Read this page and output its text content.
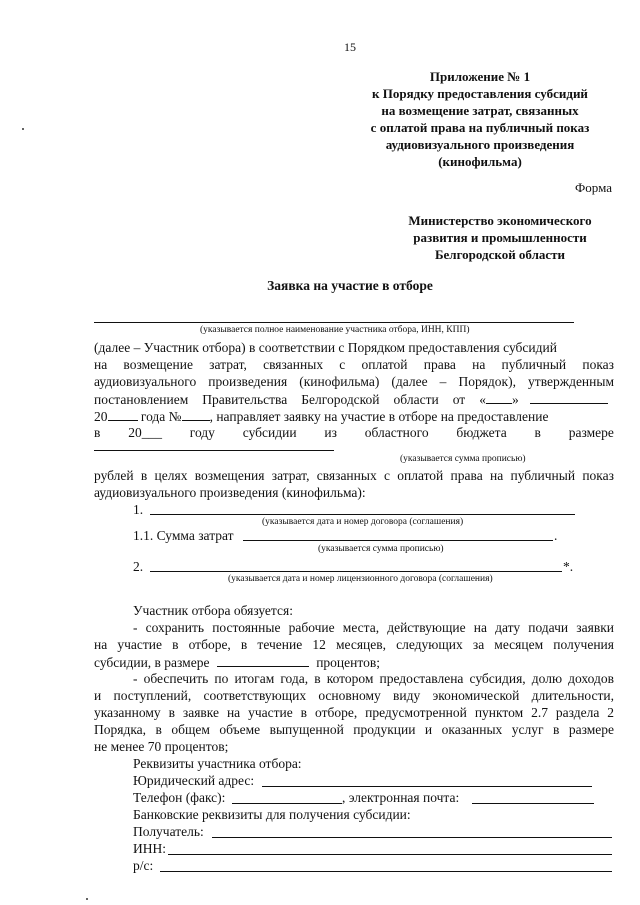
15
Приложение № 1
к Порядку предоставления субсидий
на возмещение затрат, связанных
с оплатой права на публичный показ
аудиовизуального произведения
(кинофильма)
Форма
Министерство экономического
развития и промышленности
Белгородской области
Заявка на участие в отборе
(указывается полное наименование участника отбора, ИНН, КПП)
(далее – Участник отбора) в соответствии с Порядком предоставления субсидий
на возмещение затрат, связанных с оплатой права на публичный показ
аудиовизуального произведения (кинофильма) (далее – Порядок), утвержденным
постановлением Правительства Белгородской области от « »
20 года № , направляет заявку на участие в отборе на предоставление
в 20___ году субсидии из областного бюджета в размере
(указывается сумма прописью)
рублей в целях возмещения затрат, связанных с оплатой права на публичный показ
аудиовизуального произведения (кинофильма):
1.
(указывается дата и номер договора (соглашения)
1.1. Сумма затрат	.
(указывается сумма прописью)
2.	*.
(указывается дата и номер лицензионного договора (соглашения)
Участник отбора обязуется:
- сохранить постоянные рабочие места, действующие на дату подачи заявки
на участие в отборе, в течение 12 месяцев, следующих за месяцем получения
субсидии, в размере	процентов;
- обеспечить по итогам года, в котором предоставлена субсидия, долю доходов
и поступлений, соответствующих основному виду экономической длительности,
указанному в заявке на участие в отборе, предусмотренной пунктом 2.7 раздела 2
Порядка, в общем объеме выпущенной продукции и оказанных услуг в размере
не менее 70 процентов;
Реквизиты участника отбора:
Юридический адрес:
Телефон (факс):	, электронная почта:
Банковские реквизиты для получения субсидии:
Получатель:
ИНН:
р/с:
